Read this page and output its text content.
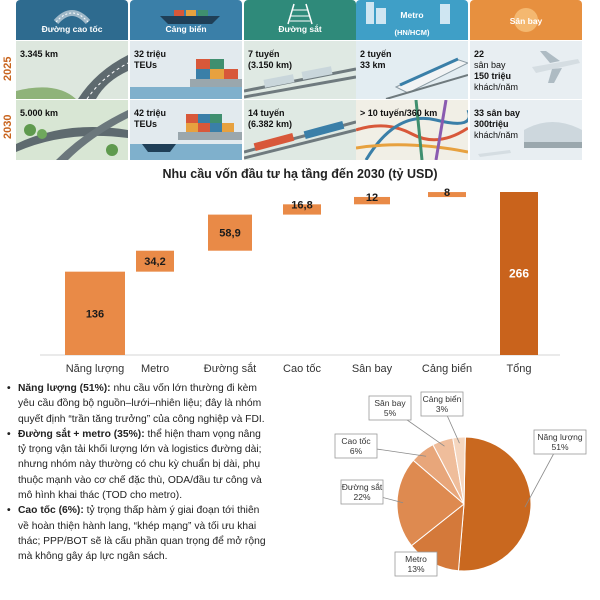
2025
2030
Đường cao tốc
3.345 km
5.000 km
Cảng biển
32 triệu
TEUs
42 triệu
TEUs
Đường sắt
7 tuyến
(3.150 km)
14 tuyến
(6.382 km)
Metro
(HN/HCM)
2 tuyến
33 km
> 10 tuyến/360 km
Sân bay
22
sân bay
150 triệu
khách/năm
33 sân bay
300triệu
khách/năm
Nhu cầu vốn đầu tư hạ tầng đến 2030 (tỷ USD)
136
Năng lượng
34,2
Metro
58,9
Đường sắt
16,8
Cao tốc
12
Sân bay
8
Cảng biển
266
Tổng
• Năng lượng (51%): nhu cầu vốn lớn thường đi kèm
yêu cầu đồng bộ nguồn–lưới–nhiên liệu; đây là nhóm
quyết định “trần tăng trưởng” của công nghiệp và FDI.
• Đường sắt + metro (35%): thể hiện tham vọng nâng
tỷ trọng vận tải khối lượng lớn và logistics đường dài;
nhưng nhóm này thường có chu kỳ chuẩn bị dài, phụ
thuộc mạnh vào cơ chế đặc thù, ODA/đầu tư công và
mô hình khai thác (TOD cho metro).
• Cao tốc (6%): tỷ trọng thấp hàm ý giai đoạn tới thiên
về hoàn thiện hành lang, “khép mạng” và tối ưu khai
thác; PPP/BOT sẽ là cấu phần quan trọng để mở rộng
mà không gây áp lực ngân sách.
Năng lượng
51%
Metro
13%
Đường sắt
22%
Cao tốc
6%
Sân bay
5%
Cảng biển
3%
